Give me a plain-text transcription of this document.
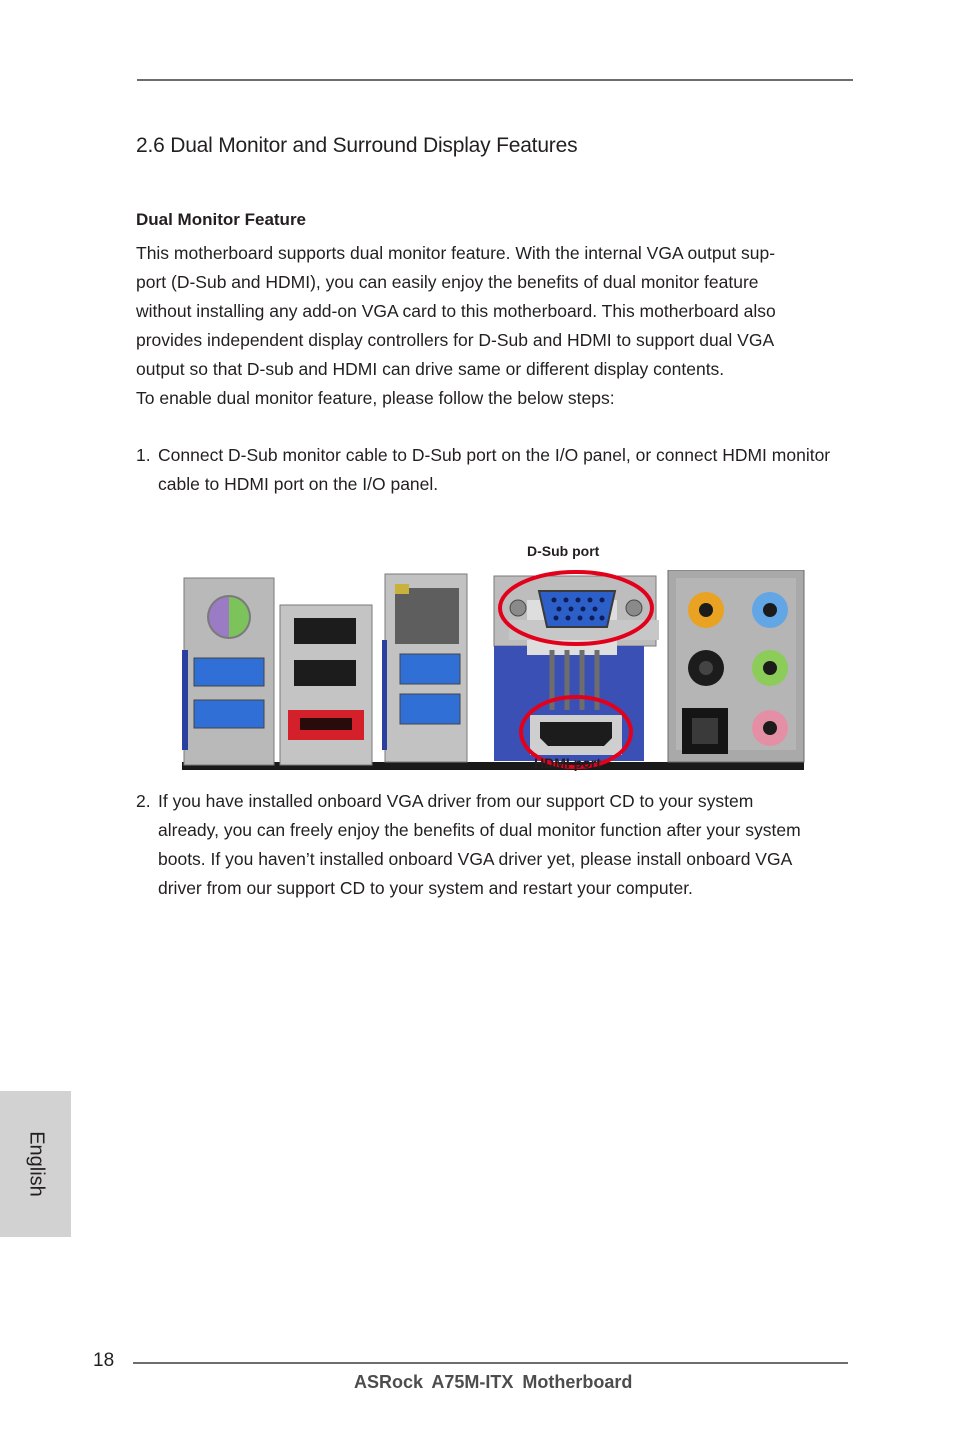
2.6 Dual Monitor and Surround Display Features
Dual Monitor Feature

This motherboard supports dual monitor feature. With the internal VGA output sup-
port (D-Sub and HDMI), you can easily enjoy the benefits of dual monitor feature
without installing any add-on VGA card to this motherboard. This motherboard also
provides independent display controllers for D-Sub and HDMI to support dual VGA
output so that D-sub and HDMI can drive same or different display contents.
To enable dual monitor feature, please follow the below steps:

1. Connect D-Sub monitor cable to D-Sub port on the I/O panel, or connect HDMI monitor cable to HDMI port on the I/O panel.
D-Sub port
HDMI port
2. If you have installed onboard VGA driver from our support CD to your system already, you can freely enjoy the benefits of dual monitor function after your system boots. If you haven’t installed onboard VGA driver yet, please install onboard VGA driver from our support CD to your system and restart your computer.
English
18
ASRock A75M-ITX Motherboard
